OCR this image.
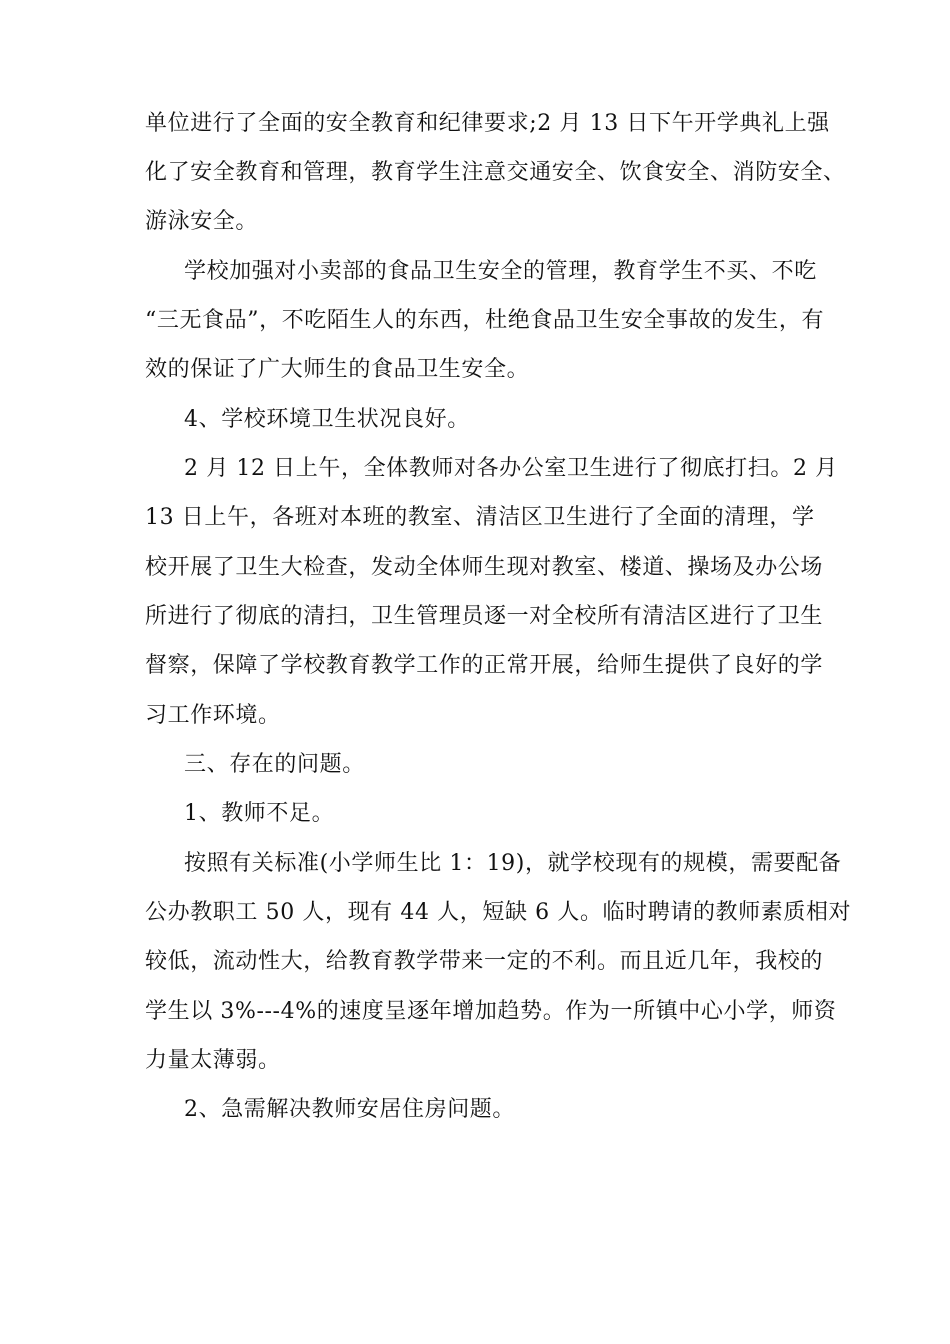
单位进行了全面的安全教育和纪律要求;2 月 13 日下午开学典礼上强
化了安全教育和管理，教育学生注意交通安全、饮食安全、消防安全、
游泳安全。
学校加强对小卖部的食品卫生安全的管理，教育学生不买、不吃
“三无食品”，不吃陌生人的东西，杜绝食品卫生安全事故的发生，有
效的保证了广大师生的食品卫生安全。
4、学校环境卫生状况良好。
2 月 12 日上午，全体教师对各办公室卫生进行了彻底打扫。2 月
13 日上午，各班对本班的教室、清洁区卫生进行了全面的清理，学
校开展了卫生大检查，发动全体师生现对教室、楼道、操场及办公场
所进行了彻底的清扫，卫生管理员逐一对全校所有清洁区进行了卫生
督察，保障了学校教育教学工作的正常开展，给师生提供了良好的学
习工作环境。
三、存在的问题。
1、教师不足。
按照有关标准(小学师生比 1：19)，就学校现有的规模，需要配备
公办教职工 50 人，现有 44 人，短缺 6 人。临时聘请的教师素质相对
较低，流动性大，给教育教学带来一定的不利。而且近几年，我校的
学生以 3%---4%的速度呈逐年增加趋势。作为一所镇中心小学，师资
力量太薄弱。
2、急需解决教师安居住房问题。
